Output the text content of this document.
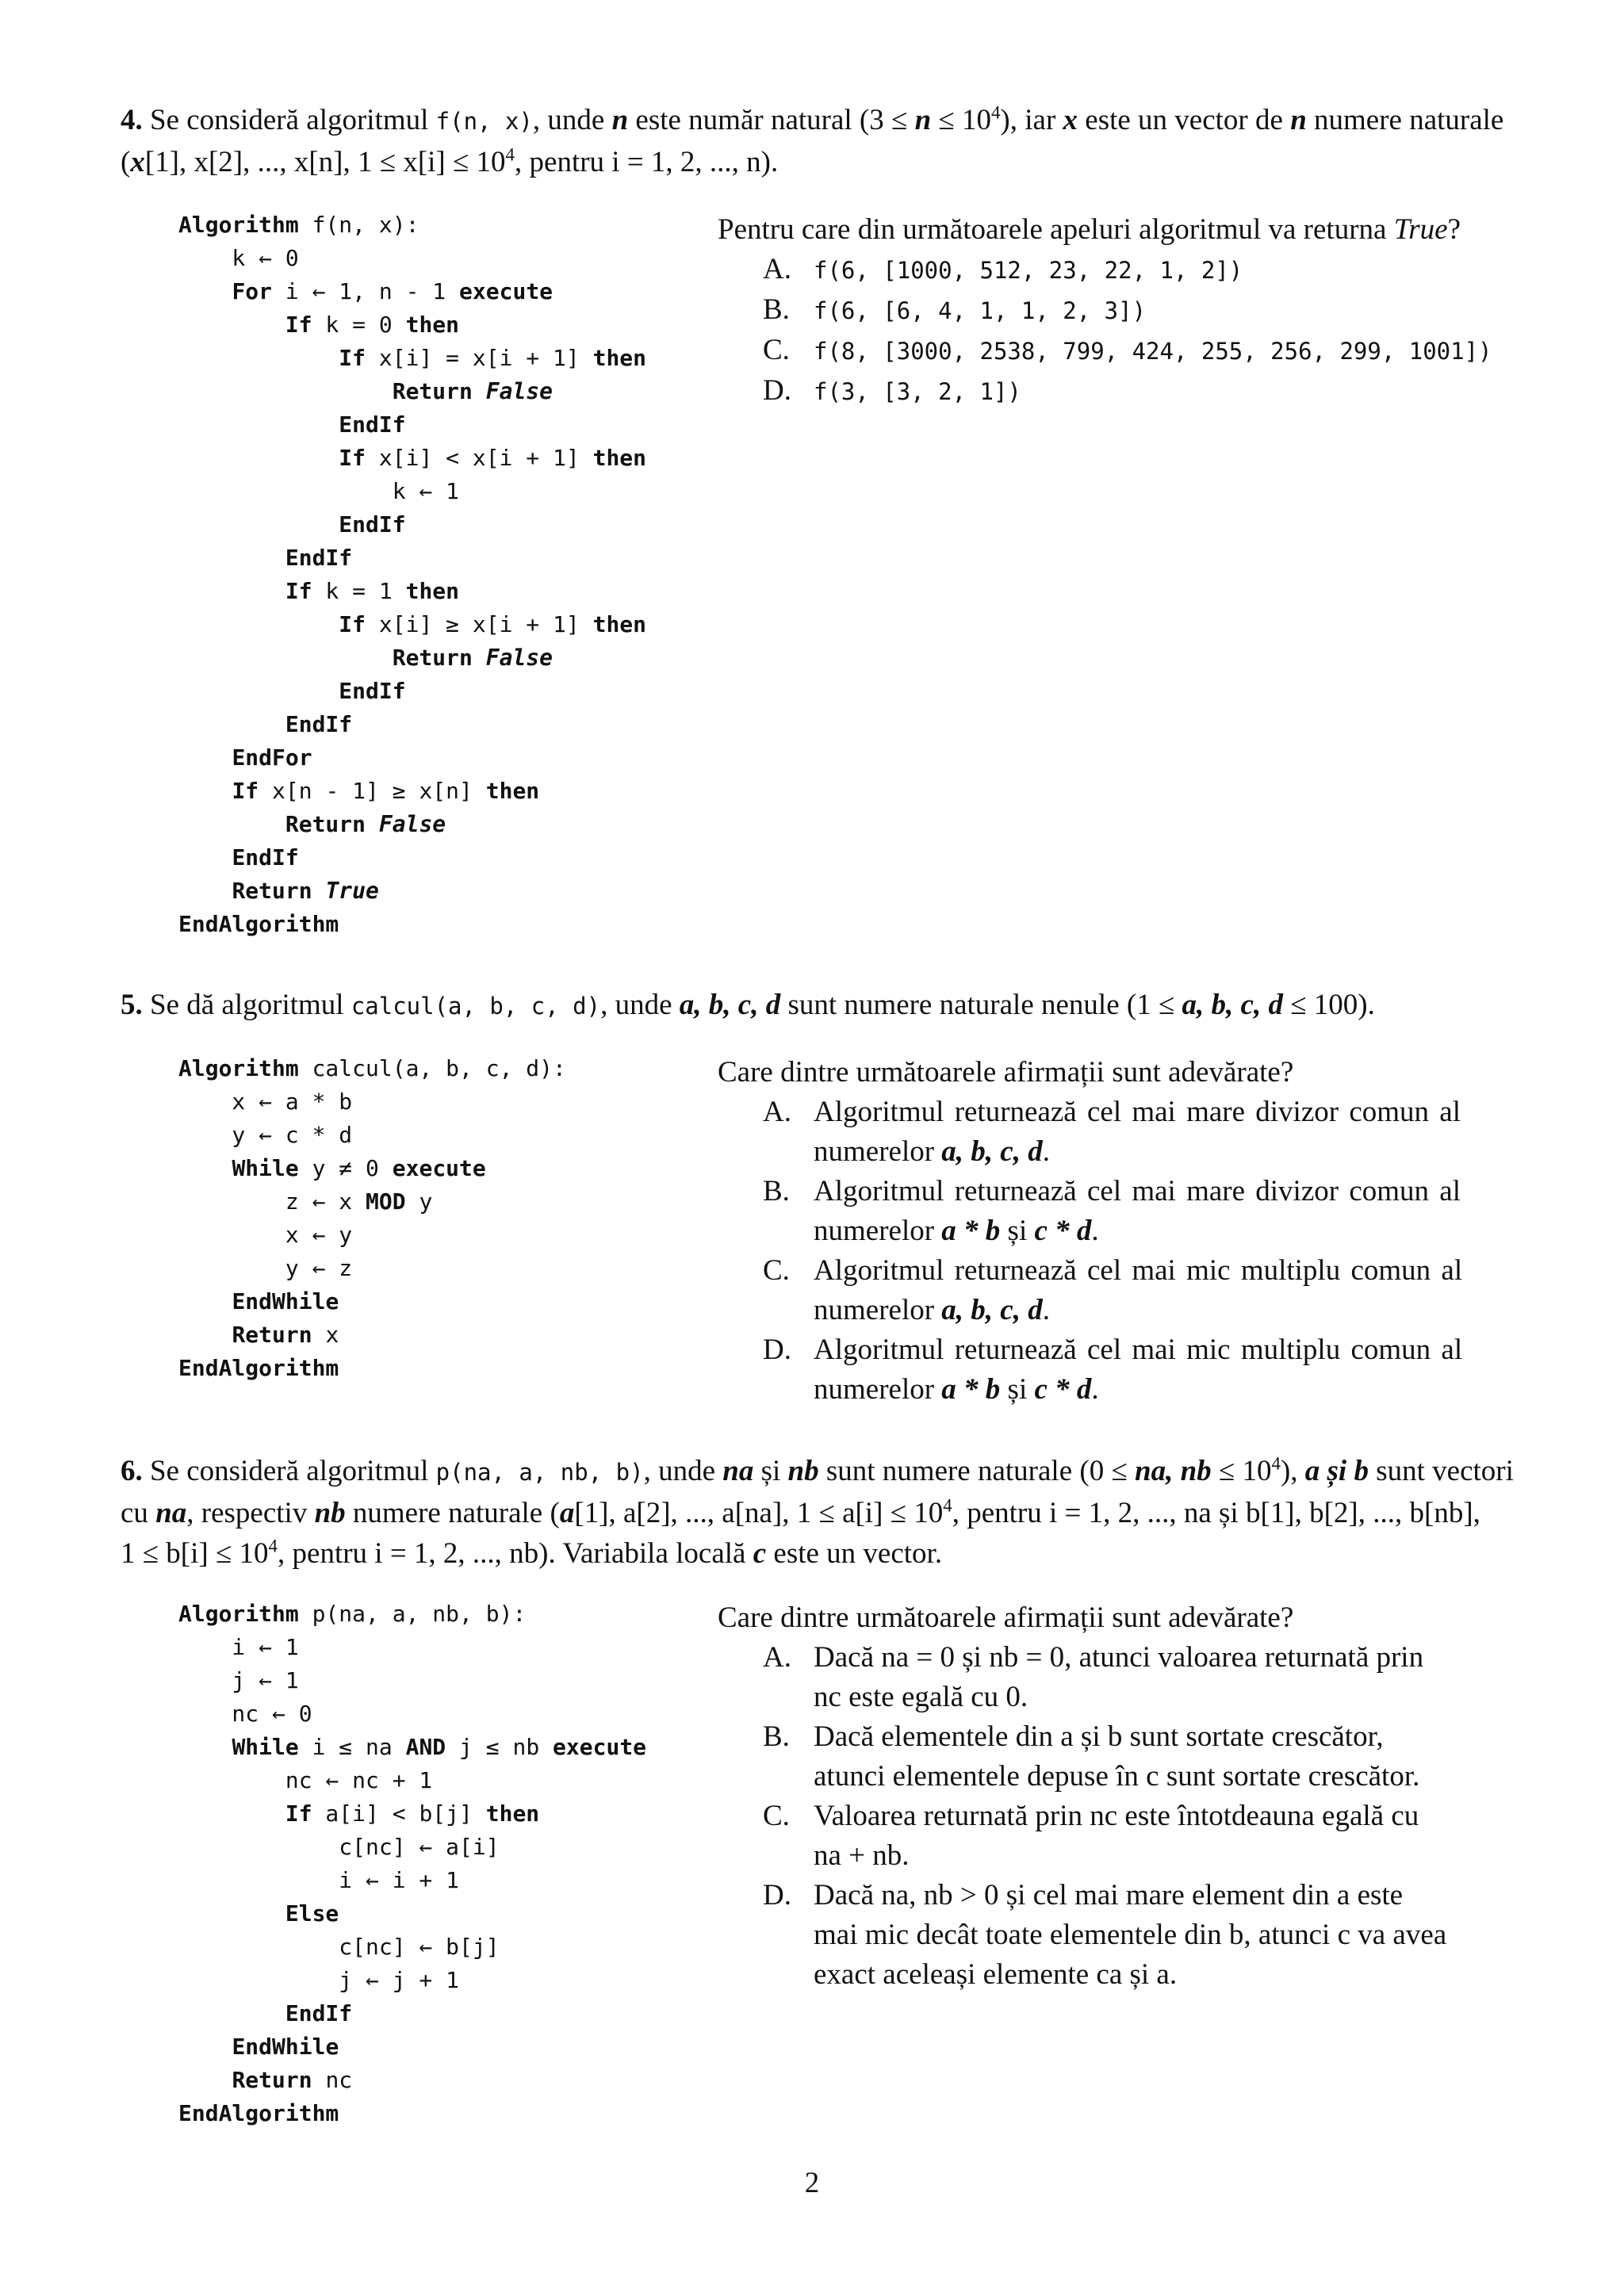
4. Se consideră algoritmul f(n, x), unde n este număr natural $(3 \le n \le 10^4)$, iar x este un vector de n numere naturale
(x[1], x[2], ..., x[n], $1 \le x[i] \le 10^4$, pentru i = 1, 2, ..., n).
Algorithm f(n, x):
k ← 0
For i ← 1, n - 1 execute
If k = 0 then
If x[i] = x[i + 1] then
Return False
EndIf
If x[i] < x[i + 1] then
k ← 1
EndIf
EndIf
If k = 1 then
If x[i] ≥ x[i + 1] then
Return False
EndIf
EndIf
EndFor
If x[n - 1] ≥ x[n] then
Return False
EndIf
Return True
EndAlgorithm
Pentru care din următoarele apeluri algoritmul va returna True?
A. f(6, [1000, 512, 23, 22, 1, 2])
B. f(6, [6, 4, 1, 1, 2, 3])
C. f(8, [3000, 2538, 799, 424, 255, 256, 299, 1001])
D. f(3, [3, 2, 1])
5. Se dă algoritmul calcul(a, b, c, d), unde a, b, c, d sunt numere naturale nenule (1 ≤ a, b, c, d ≤ 100).
Algorithm calcul(a, b, c, d):
x ← a * b
y ← c * d
While y ≠ 0 execute
z ← x MOD y
x ← y
y ← z
EndWhile
Return x
EndAlgorithm
Care dintre următoarele afirmații sunt adevărate?
A. Algoritmul returnează cel mai mare divizor comun al
numerelor a, b, c, d.
B. Algoritmul returnează cel mai mare divizor comun al
numerelor a * b și c * d.
C. Algoritmul returnează cel mai mic multiplu comun al
numerelor a, b, c, d.
D. Algoritmul returnează cel mai mic multiplu comun al
numerelor a * b și c * d.
6. Se consideră algoritmul p(na, a, nb, b), unde na și nb sunt numere naturale (0 ≤ na, nb ≤ $10^4$), a și b sunt vectori
cu na, respectiv nb numere naturale (a[1], a[2], ..., a[na], $1 \le a[i] \le 10^4$, pentru i = 1, 2, ..., na și b[1], b[2], ..., b[nb],
$1 \le b[i] \le 10^4$, pentru i = 1, 2, ..., nb). Variabila locală c este un vector.
Algorithm p(na, a, nb, b):
i ← 1
j ← 1
nc ← 0
While i ≤ na AND j ≤ nb execute
nc ← nc + 1
If a[i] < b[j] then
c[nc] ← a[i]
i ← i + 1
Else
c[nc] ← b[j]
j ← j + 1
EndIf
EndWhile
Return nc
EndAlgorithm
Care dintre următoarele afirmații sunt adevărate?
A. Dacă na = 0 și nb = 0, atunci valoarea returnată prin
nc este egală cu 0.
B. Dacă elementele din a și b sunt sortate crescător,
atunci elementele depuse în c sunt sortate crescător.
C. Valoarea returnată prin nc este întotdeauna egală cu
na + nb.
D. Dacă na, nb > 0 și cel mai mare element din a este
mai mic decât toate elementele din b, atunci c va avea
exact aceleași elemente ca și a.
2
